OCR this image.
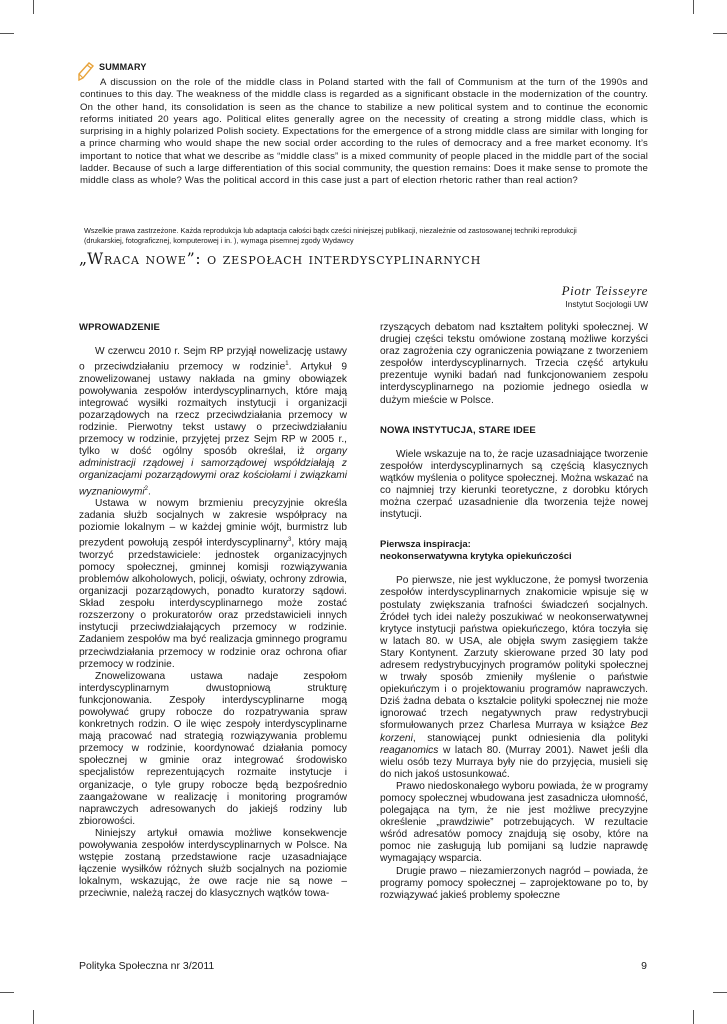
SUMMARY
A discussion on the role of the middle class in Poland started with the fall of Communism at the turn of the 1990s and continues to this day. The weakness of the middle class is regarded as a significant obstacle in the modernization of the country. On the other hand, its consolidation is seen as the chance to stabilize a new political system and to continue the economic reforms initiated 20 years ago. Political elites generally agree on the necessity of creating a strong middle class, which is surprising in a highly polarized Polish society. Expectations for the emergence of a strong middle class are similar with longing for a prince charming who would shape the new social order according to the rules of democracy and a free market economy. It’s important to notice that what we describe as “middle class” is a mixed community of people placed in the middle part of the social ladder. Because of such a large differentiation of this social community, the question remains: Does it make sense to promote the middle class as whole? Was the political accord in this case just a part of election rhetoric rather than real action?
Wszelkie prawa zastrzeżone. Każda reprodukcja lub adaptacja całości bądx cześci niniejszej publikacji, niezależnie od zastosowanej techniki reprodukcji (drukarskiej, fotograficznej, komputerowej i in. ), wymaga pisemnej zgody Wydawcy
„Wraca nowe”: o zespołach interdyscyplinarnych
Piotr Teisseyre
Instytut Socjologii UW
WPROWADZENIE

W czerwcu 2010 r. Sejm RP przyjął nowelizację ustawy o przeciwdziałaniu przemocy w rodzinie$^1$. Artykuł 9 znowelizowanej ustawy nakłada na gminy obowiązek powoływania zespołów interdyscyplinarnych, które mają integrować wysiłki rozmaitych instytucji i organizacji pozarządowych na rzecz przeciwdziałania przemocy w rodzinie. Pierwotny tekst ustawy o przeciwdziałaniu przemocy w rodzinie, przyjętej przez Sejm RP w 2005 r., tylko w dość ogólny sposób określał, iż organy administracji rządowej i samorządowej współdziałają z organizacjami pozarządowymi oraz kościołami i związkami wyznaniowymi$^2$.

Ustawa w nowym brzmieniu precyzyjnie określa zadania służb socjalnych w zakresie współpracy na poziomie lokalnym – w każdej gminie wójt, burmistrz lub prezydent powołują zespół interdyscyplinarny$^3$, który mają tworzyć przedstawiciele: jednostek organizacyjnych pomocy społecznej, gminnej komisji rozwiązywania problemów alkoholowych, policji, oświaty, ochrony zdrowia, organizacji pozarządowych, ponadto kuratorzy sądowi. Skład zespołu interdyscyplinarnego może zostać rozszerzony o prokuratorów oraz przedstawicieli innych instytucji przeciwdziałających przemocy w rodzinie. Zadaniem zespołów ma być realizacja gminnego programu przeciwdziałania przemocy w rodzinie oraz ochrona ofiar przemocy w rodzinie.

Znowelizowana ustawa nadaje zespołom interdyscyplinarnym dwustopniową strukturę funkcjonowania. Zespoły interdyscyplinarne mogą powoływać grupy robocze do rozpatrywania spraw konkretnych rodzin. O ile więc zespoły interdyscyplinarne mają pracować nad strategią rozwiązywania problemu przemocy w rodzinie, koordynować działania pomocy społecznej w gminie oraz integrować środowisko specjalistów reprezentujących rozmaite instytucje i organizacje, o tyle grupy robocze będą bezpośrednio zaangażowane w realizację i monitoring programów naprawczych adresowanych do jakiejś rodziny lub zbiorowości.

Niniejszy artykuł omawia możliwe konsekwencje powoływania zespołów interdyscyplinarnych w Polsce. Na wstępie zostaną przedstawione racje uzasadniające łączenie wysiłków różnych służb socjalnych na poziomie lokalnym, wskazując, że owe racje nie są nowe – przeciwnie, należą raczej do klasycznych wątków towa-

rzyszących debatom nad kształtem polityki społecznej. W drugiej części tekstu omówione zostaną możliwe korzyści oraz zagrożenia czy ograniczenia powiązane z tworzeniem zespołów interdyscyplinarnych. Trzecia część artykułu prezentuje wyniki badań nad funkcjonowaniem zespołu interdyscyplinarnego na poziomie jednego osiedla w dużym mieście w Polsce.

NOWA INSTYTUCJA, STARE IDEE

Wiele wskazuje na to, że racje uzasadniające tworzenie zespołów interdyscyplinarnych są częścią klasycznych wątków myślenia o polityce społecznej. Można wskazać na co najmniej trzy kierunki teoretyczne, z dorobku których można czerpać uzasadnienie dla tworzenia tejże nowej instytucji.

Pierwsza inspiracja:
neokonserwatywna krytyka opiekuńczości

Po pierwsze, nie jest wykluczone, że pomysł tworzenia zespołów interdyscyplinarnych znakomicie wpisuje się w postulaty zwiększania trafności świadczeń socjalnych. Źródeł tych idei należy poszukiwać w neokonserwatywnej krytyce instytucji państwa opiekuńczego, która toczyła się w latach 80. w USA, ale objęła swym zasięgiem także Stary Kontynent. Zarzuty skierowane przed 30 laty pod adresem redystrybucyjnych programów polityki społecznej w trwały sposób zmieniły myślenie o państwie opiekuńczym i o projektowaniu programów naprawczych. Dziś żadna debata o kształcie polityki społecznej nie może ignorować trzech negatywnych praw redystrybucji sformułowanych przez Charlesa Murraya w książce Bez korzeni, stanowiącej punkt odniesienia dla polityki reaganomics w latach 80. (Murray 2001). Nawet jeśli dla wielu osób tezy Murraya były nie do przyjęcia, musieli się do nich jakoś ustosunkować.

Prawo niedoskonałego wyboru powiada, że w programy pomocy społecznej wbudowana jest zasadnicza ułomność, polegająca na tym, że nie jest możliwe precyzyjne określenie „prawdziwie” potrzebujących. W rezultacie wśród adresatów pomocy znajdują się osoby, które na pomoc nie zasługują lub pomijani są ludzie naprawdę wymagający wsparcia.

Drugie prawo – niezamierzonych nagród – powiada, że programy pomocy społecznej – zaprojektowane po to, by rozwiązywać jakieś problemy społeczne

Polityka Społeczna nr 3/2011	9
